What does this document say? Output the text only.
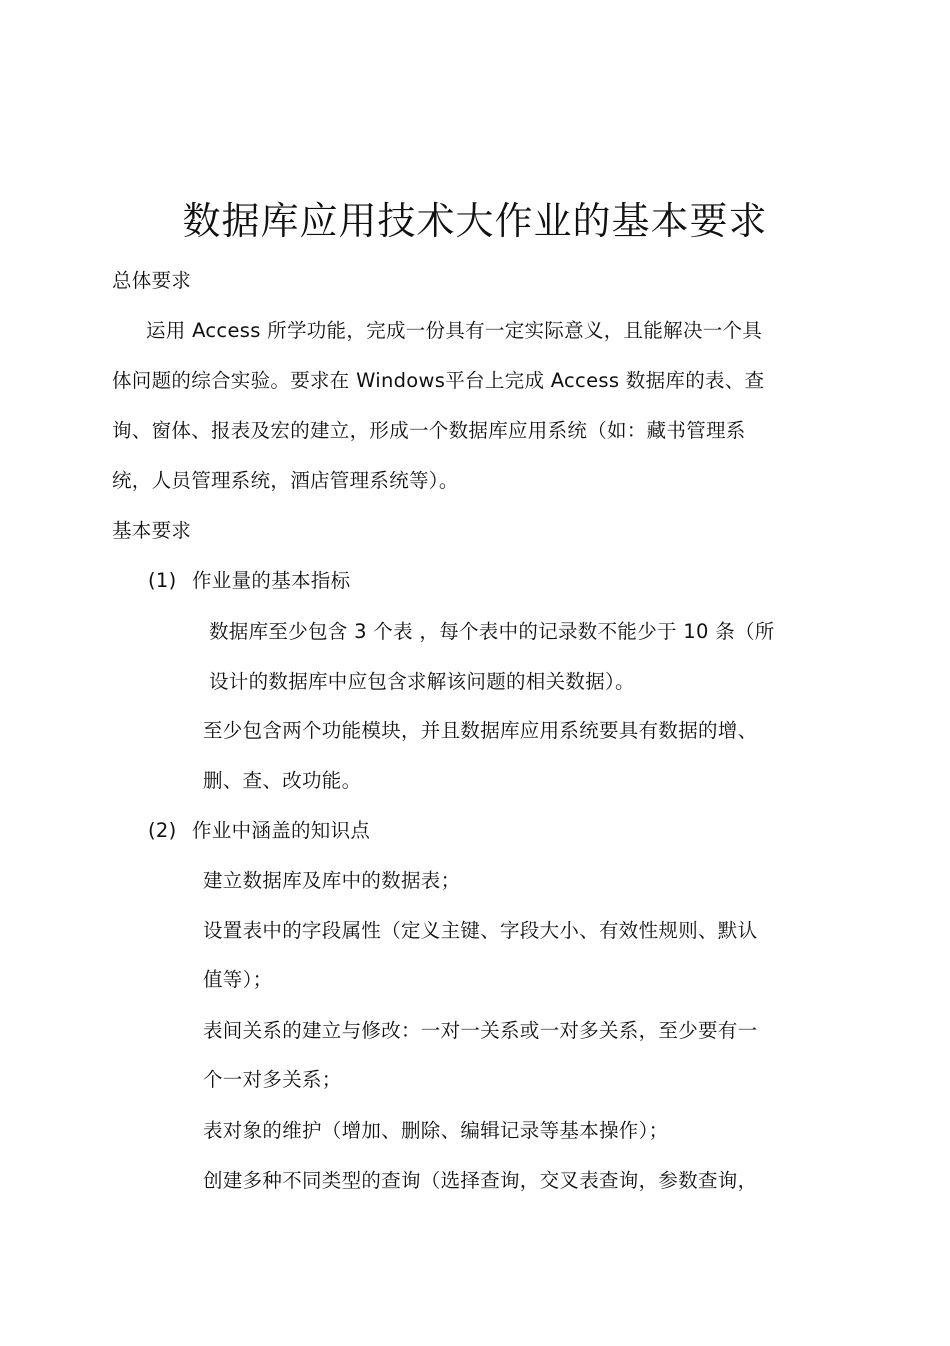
数据库应用技术大作业的基本要求
总体要求
运用 Access 所学功能，完成一份具有一定实际意义，且能解决一个具
体问题的综合实验。要求在 Windows平台上完成 Access 数据库的表、查
询、窗体、报表及宏的建立，形成一个数据库应用系统（如：藏书管理系
统，人员管理系统，酒店管理系统等）。
基本要求
(1) 作业量的基本指标
数据库至少包含 3 个表 ，每个表中的记录数不能少于 10 条（所
设计的数据库中应包含求解该问题的相关数据）。
至少包含两个功能模块，并且数据库应用系统要具有数据的增、
删、查、改功能。
(2) 作业中涵盖的知识点
建立数据库及库中的数据表；
设置表中的字段属性（定义主键、字段大小、有效性规则、默认
值等）；
表间关系的建立与修改：一对一关系或一对多关系，至少要有一
个一对多关系；
表对象的维护（增加、删除、编辑记录等基本操作）；
创建多种不同类型的查询（选择查询，交叉表查询，参数查询，
